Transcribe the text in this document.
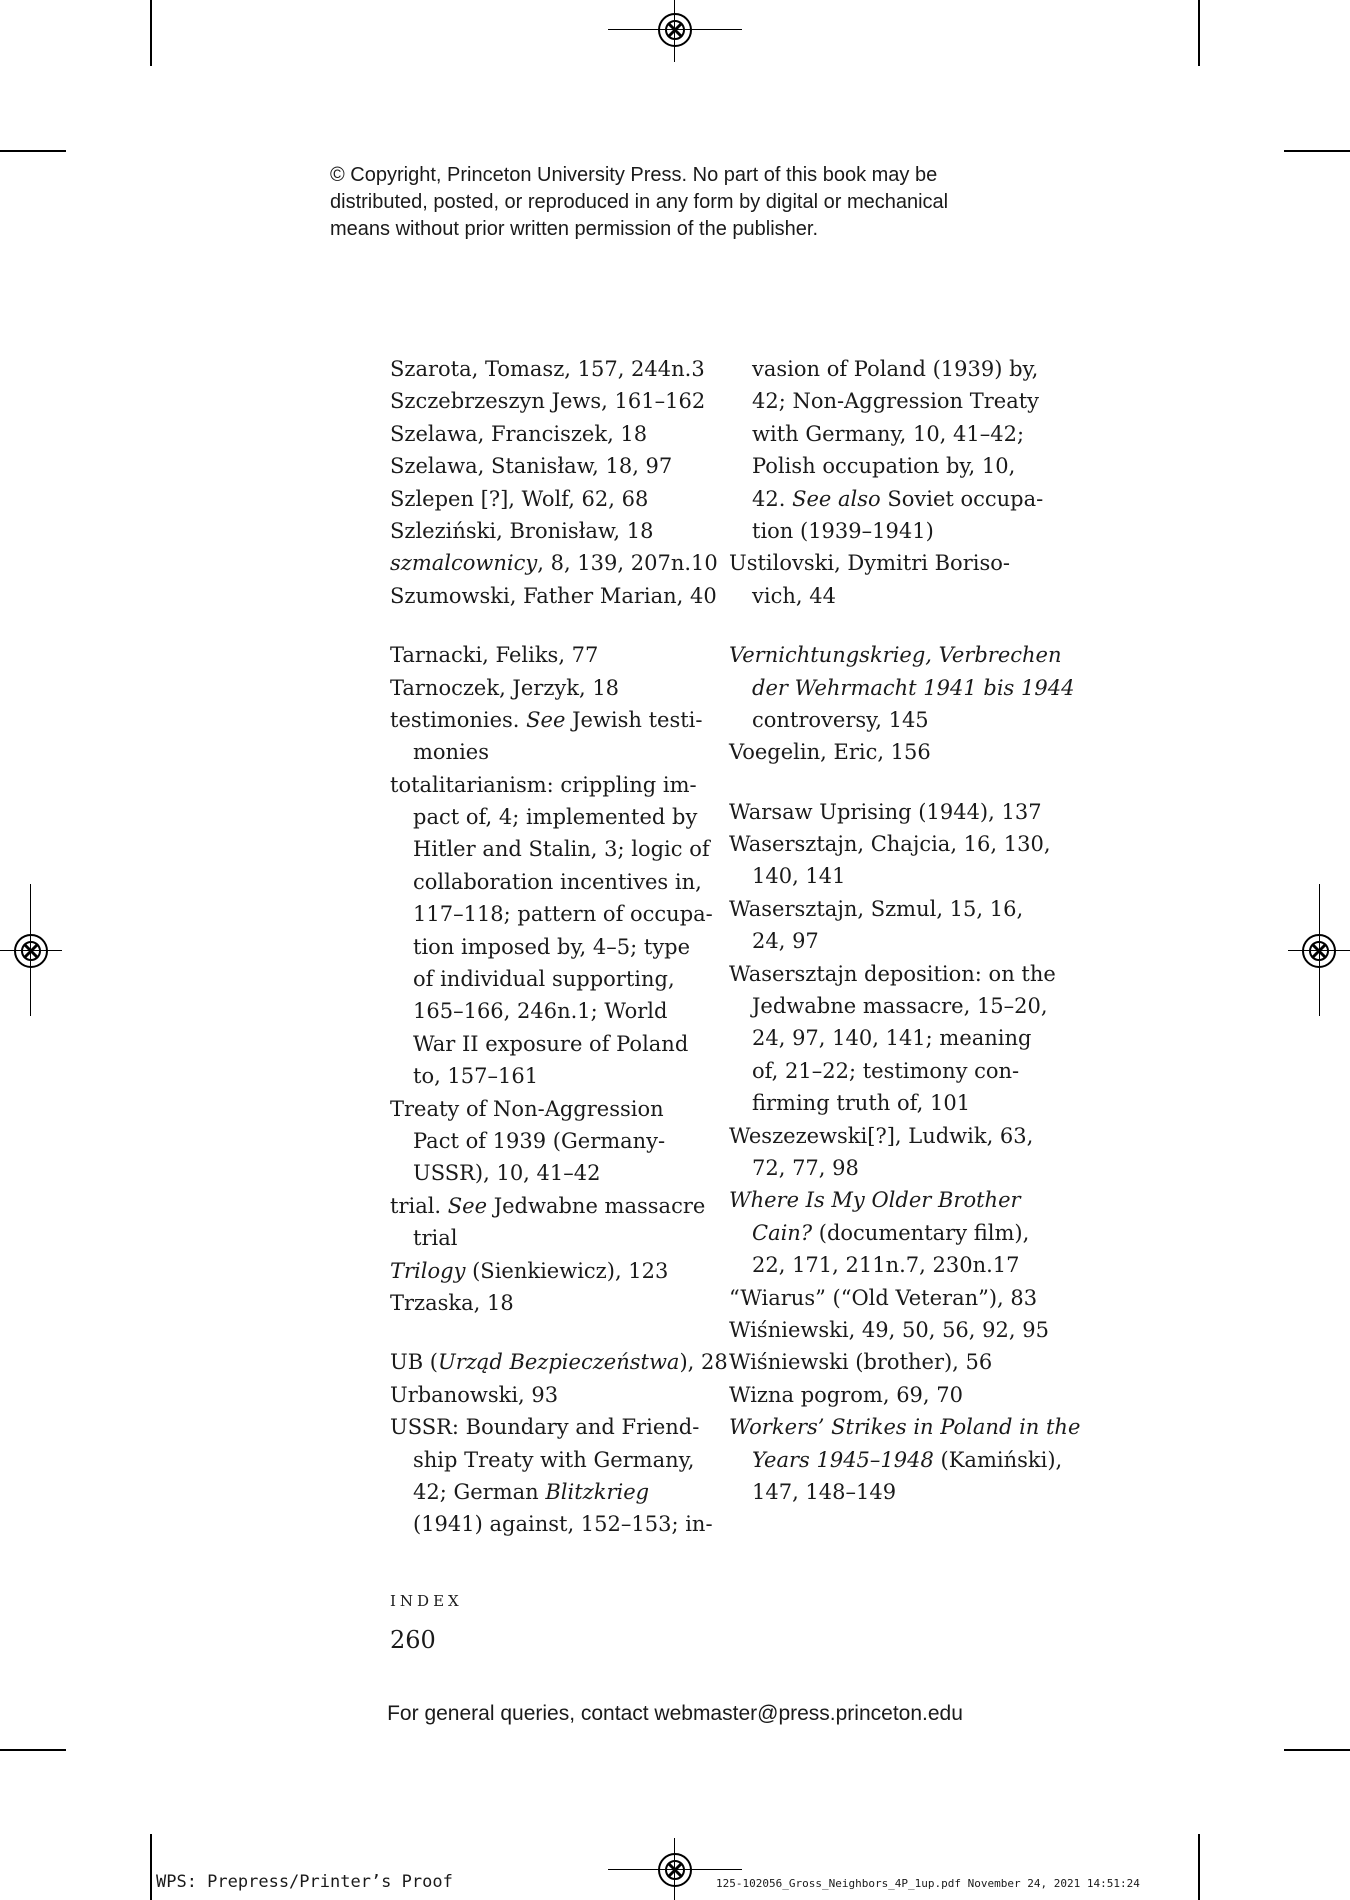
© Copyright, Princeton University Press. No part of this book may be
distributed, posted, or reproduced in any form by digital or mechanical
means without prior written permission of the publisher.
Szarota, Tomasz, 157, 244n.3
Szczebrzeszyn Jews, 161–162
Szelawa, Franciszek, 18
Szelawa, Stanisław, 18, 97
Szlepen [?], Wolf, 62, 68
Szleziński, Bronisław, 18
szmalcownicy, 8, 139, 207n.10
Szumowski, Father Marian, 40
Tarnacki, Feliks, 77
Tarnoczek, Jerzyk, 18
testimonies. See Jewish testi-
monies
totalitarianism: crippling im-
pact of, 4; implemented by
Hitler and Stalin, 3; logic of
collaboration incentives in,
117–118; pattern of occupa-
tion imposed by, 4–5; type
of individual supporting,
165–166, 246n.1; World
War II exposure of Poland
to, 157–161
Treaty of Non-Aggression
Pact of 1939 (Germany-
USSR), 10, 41–42
trial. See Jedwabne massacre
trial
Trilogy (Sienkiewicz), 123
Trzaska, 18
UB (Urząd Bezpieczeństwa), 28
Urbanowski, 93
USSR: Boundary and Friend-
ship Treaty with Germany,
42; German Blitzkrieg
(1941) against, 152–153; in-
vasion of Poland (1939) by,
42; Non-Aggression Treaty
with Germany, 10, 41–42;
Polish occupation by, 10,
42. See also Soviet occupa-
tion (1939–1941)
Ustilovski, Dymitri Boriso-
vich, 44
Vernichtungskrieg, Verbrechen
der Wehrmacht 1941 bis 1944
controversy, 145
Voegelin, Eric, 156
Warsaw Uprising (1944), 137
Wasersztajn, Chajcia, 16, 130,
140, 141
Wasersztajn, Szmul, 15, 16,
24, 97
Wasersztajn deposition: on the
Jedwabne massacre, 15–20,
24, 97, 140, 141; meaning
of, 21–22; testimony con-
firming truth of, 101
Weszezewski[?], Ludwik, 63,
72, 77, 98
Where Is My Older Brother
Cain? (documentary film),
22, 171, 211n.7, 230n.17
“Wiarus” (“Old Veteran”), 83
Wiśniewski, 49, 50, 56, 92, 95
Wiśniewski (brother), 56
Wizna pogrom, 69, 70
Workers’ Strikes in Poland in the
Years 1945–1948 (Kamiński),
147, 148–149
INDEX
260
For general queries, contact webmaster@press.princeton.edu
WPS: Prepress/Printer’s Proof	125-102056_Gross_Neighbors_4P_1up.pdf November 24, 2021 14:51:24
